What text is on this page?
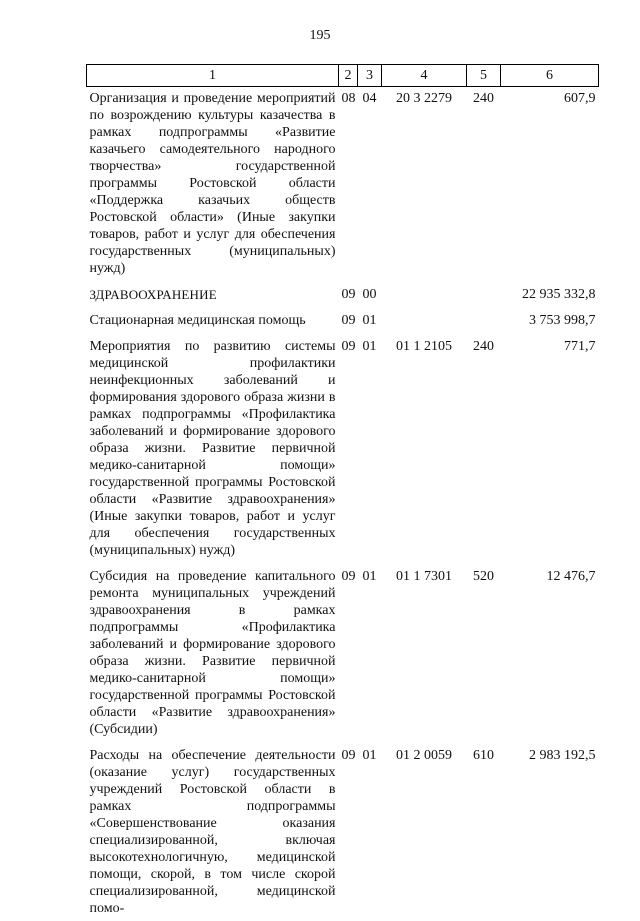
195
1	2	3	4	5	6
Организация и проведение мероприятий по возрождению культуры казачества в рамках подпрограммы «Развитие казачьего самодеятельного народного творчества» государственной программы Ростовской области «Поддержка казачьих обществ Ростовской области» (Иные закупки товаров, работ и услуг для обеспечения государственных (муниципальных) нужд)	08	04	20 3 2279	240	607,9
ЗДРАВООХРАНЕНИЕ	09	00			22 935 332,8
Стационарная медицинская помощь	09	01			3 753 998,7
Мероприятия по развитию системы медицинской профилактики неинфекционных заболеваний и формирования здорового образа жизни в рамках подпрограммы «Профилактика заболеваний и формирование здорового образа жизни. Развитие первичной медико-санитарной помощи» государственной программы Ростовской области «Развитие здравоохранения» (Иные закупки товаров, работ и услуг для обеспечения государственных (муниципальных) нужд)	09	01	01 1 2105	240	771,7
Субсидия на проведение капитального ремонта муниципальных учреждений здравоохранения в рамках подпрограммы «Профилактика заболеваний и формирование здорового образа жизни. Развитие первичной медико-санитарной помощи» государственной программы Ростовской области «Развитие здравоохранения» (Субсидии)	09	01	01 1 7301	520	12 476,7
Расходы на обеспечение деятельности (оказание услуг) государственных учреждений Ростовской области в рамках подпрограммы «Совершенствование оказания специализированной, включая высокотехнологичную, медицинской помощи, скорой, в том числе скорой специализированной, медицинской помо-	09	01	01 2 0059	610	2 983 192,5
